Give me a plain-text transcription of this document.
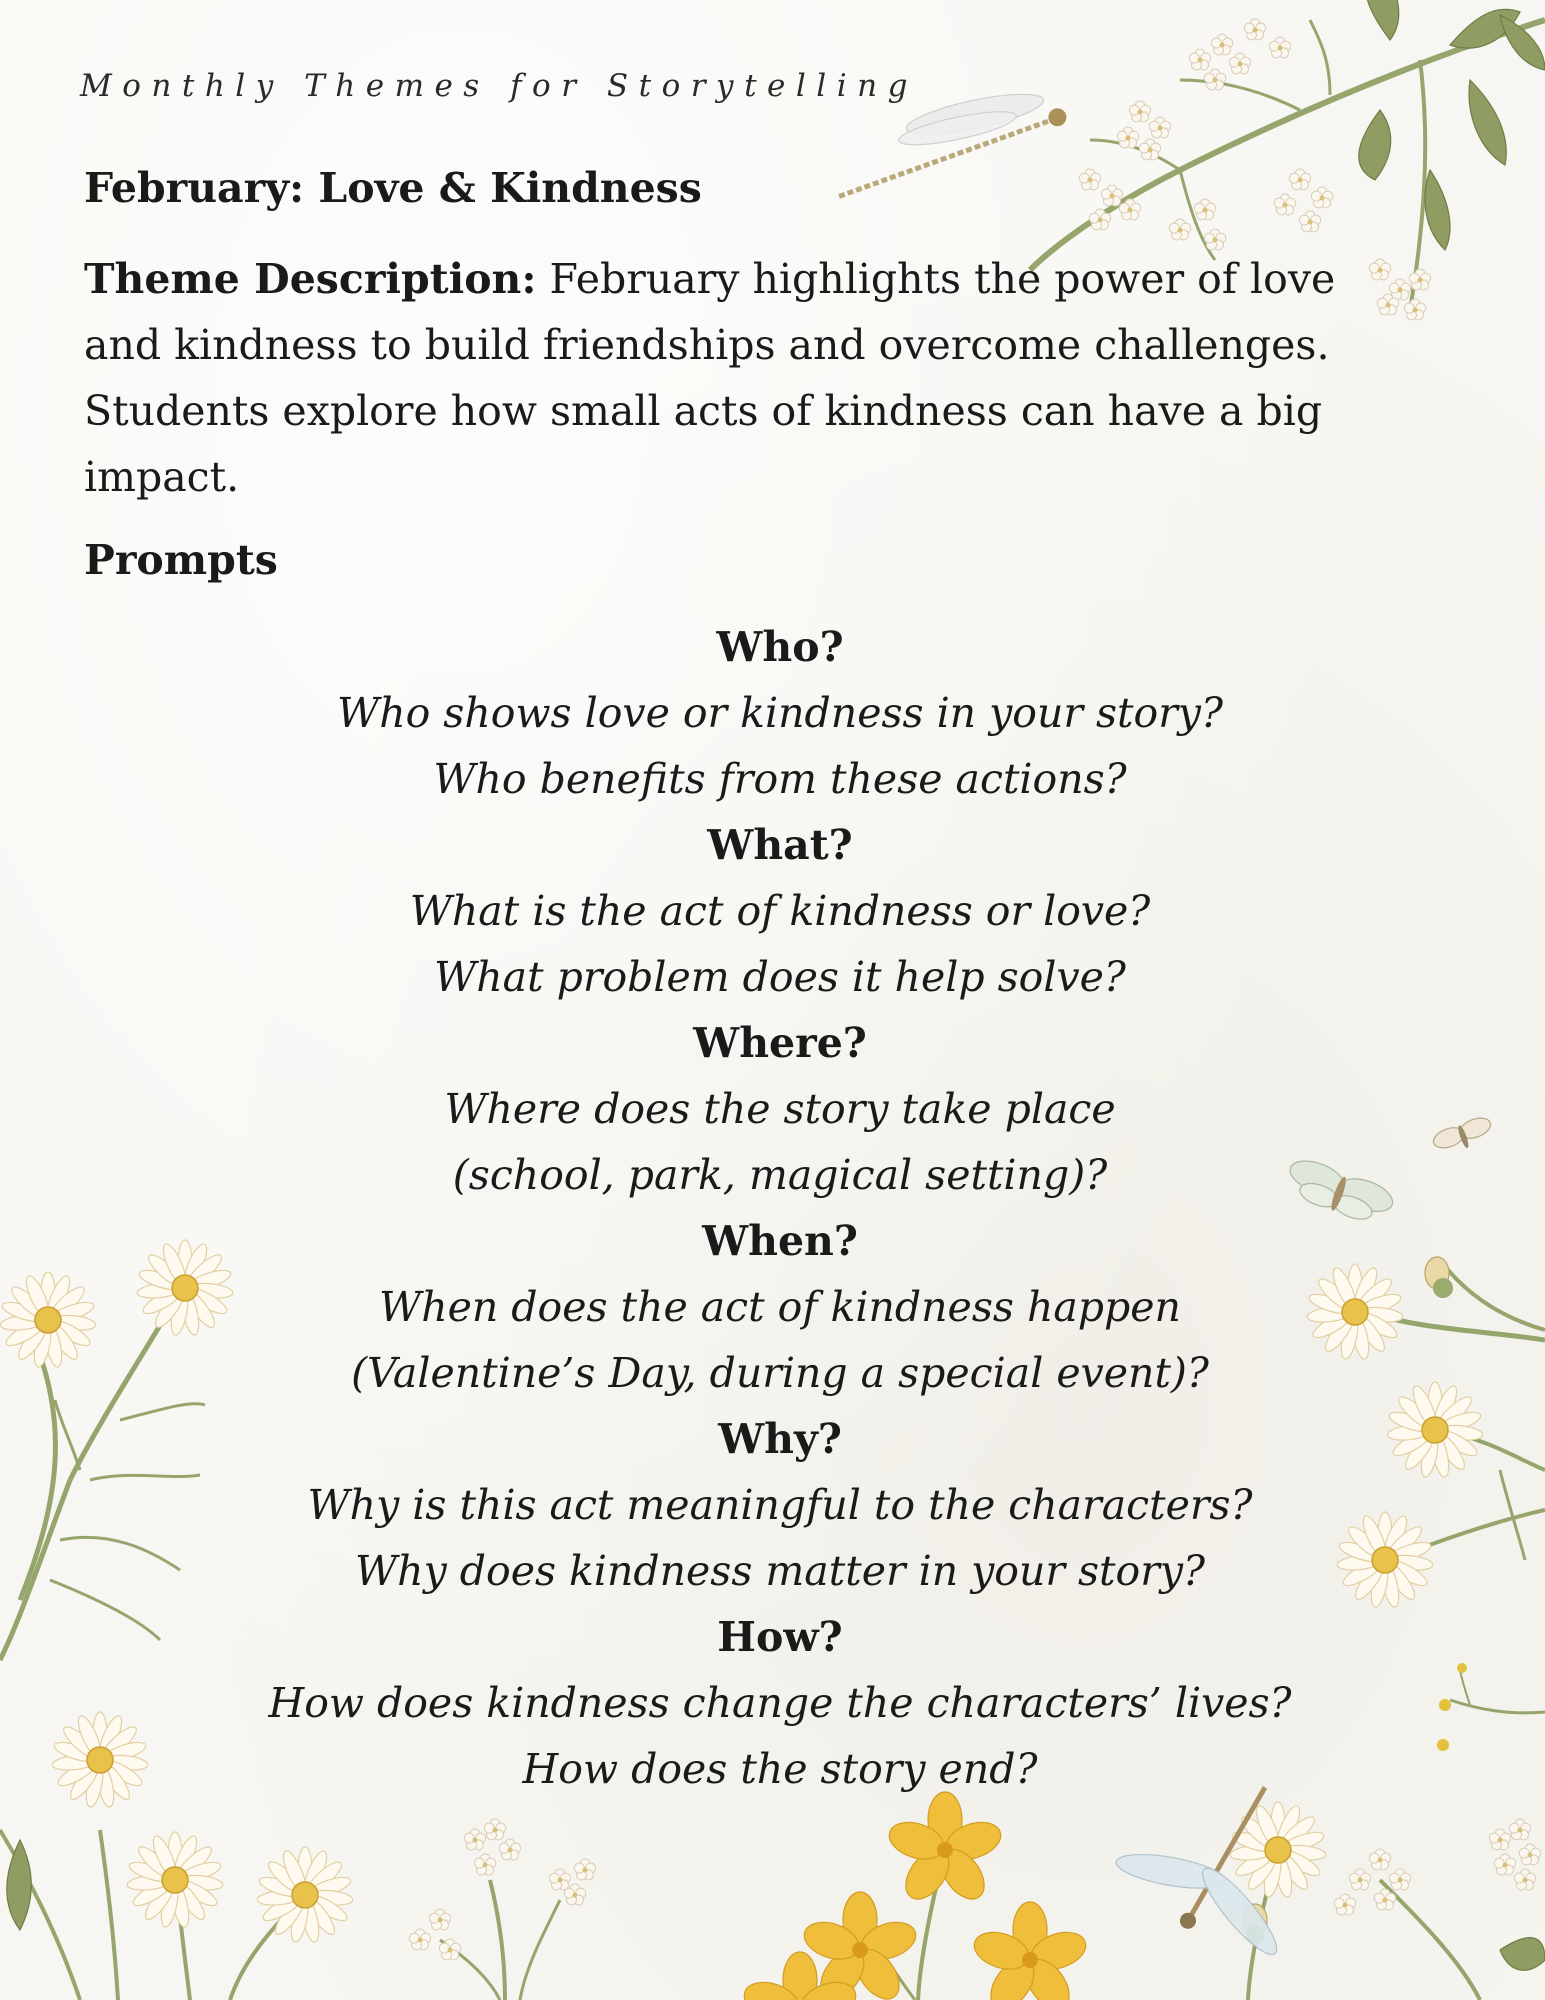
Monthly Themes for Storytelling
February: Love & Kindness
Theme Description: February highlights the power of love and kindness to build friendships and overcome challenges. Students explore how small acts of kindness can have a big impact.
Prompts
Who?
Who shows love or kindness in your story?
Who benefits from these actions?
What?
What is the act of kindness or love?
What problem does it help solve?
Where?
Where does the story take place
(school, park, magical setting)?
When?
When does the act of kindness happen
(Valentine’s Day, during a special event)?
Why?
Why is this act meaningful to the characters?
Why does kindness matter in your story?
How?
How does kindness change the characters’ lives?
How does the story end?
